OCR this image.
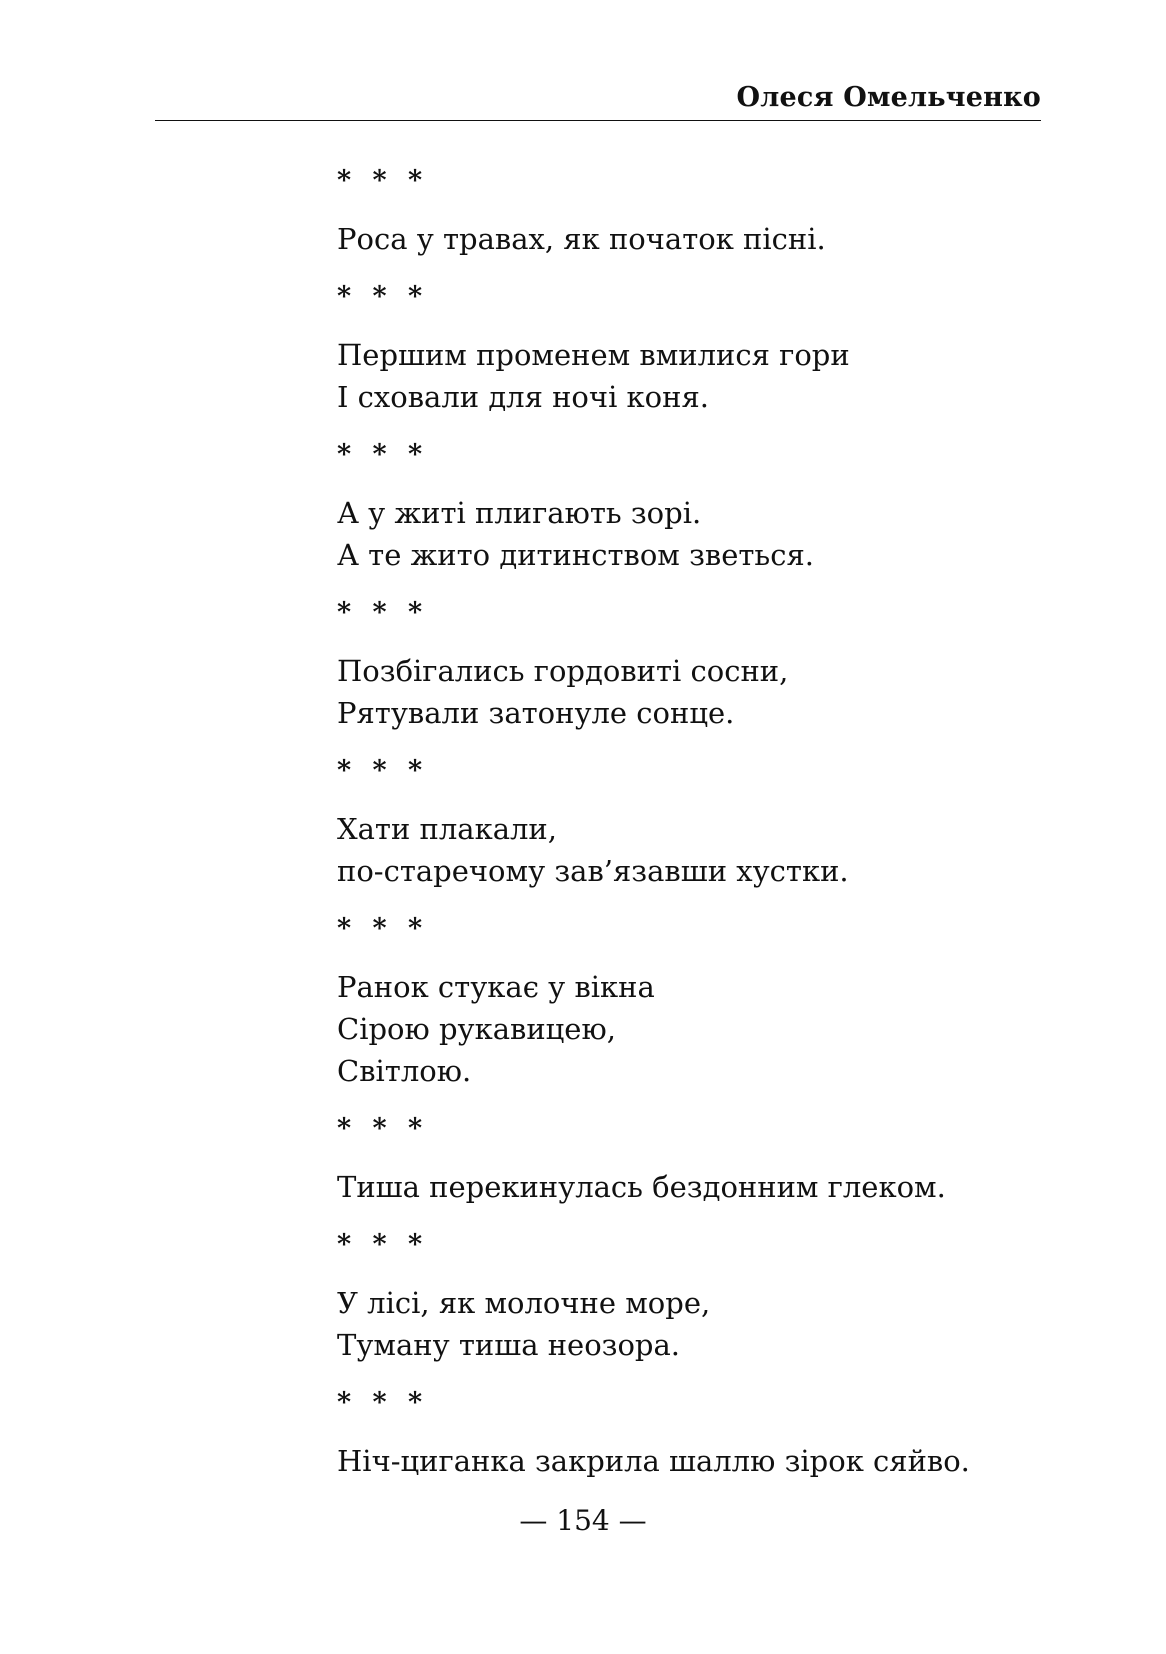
Олеся Омельченко
* * *
Роса у травах, як початок пісні.
* * *
Першим променем вмилися гори
І сховали для ночі коня.
* * *
А у житі плигають зорі.
А те жито дитинством зветься.
* * *
Позбігались гордовиті сосни,
Рятували затонуле сонце.
* * *
Хати плакали,
по-старечому зав’язавши хустки.
* * *
Ранок стукає у вікна
Сірою рукавицею,
Світлою.
* * *
Тиша перекинулась бездонним глеком.
* * *
У лісі, як молочне море,
Туману тиша неозора.
* * *
Ніч-циганка закрила шаллю зірок сяйво.
— 154 —
